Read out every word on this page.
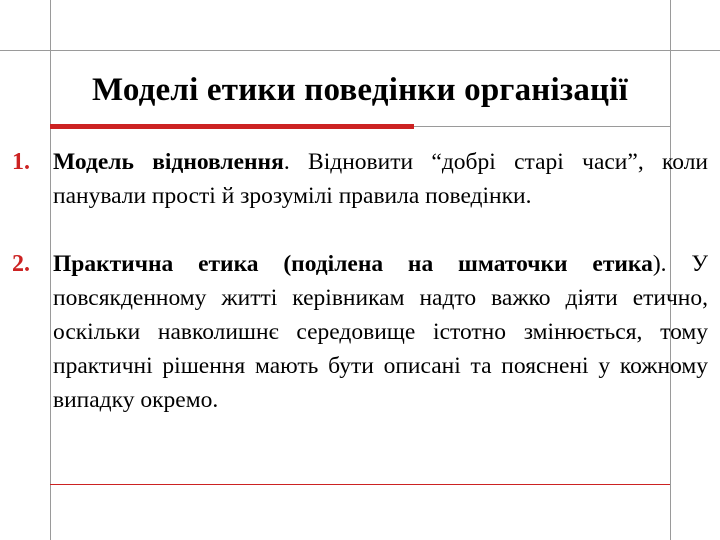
Моделі етики поведінки організації
1. Модель відновлення. Відновити “добрі старі часи”, коли панували прості й зрозумілі правила поведінки.
2. Практична етика (поділена на шматочки етика). У повсякденному житті керівникам надто важко діяти етично, оскільки навколишнє середовище істотно змінюється, тому практичні рішення мають бути описані та пояснені у кожному випадку окремо.
